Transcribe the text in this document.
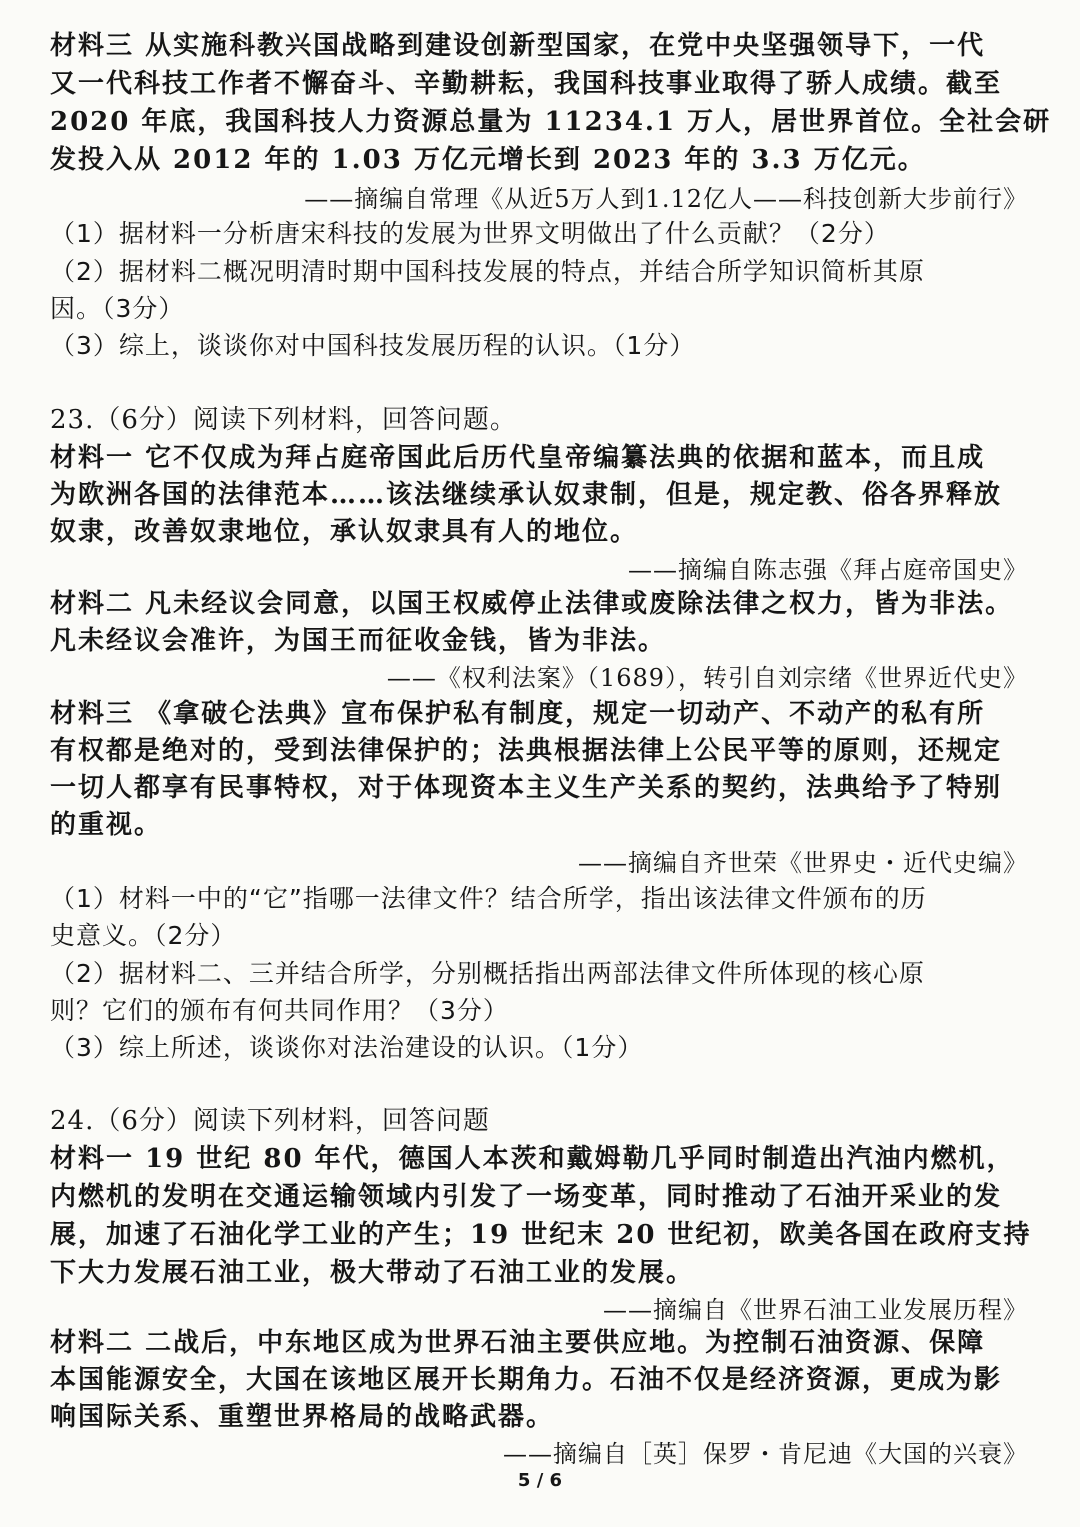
材料三 从实施科教兴国战略到建设创新型国家，在党中央坚强领导下，一代
又一代科技工作者不懈奋斗、辛勤耕耘，我国科技事业取得了骄人成绩。截至
2020 年底，我国科技人力资源总量为 11234.1 万人，居世界首位。全社会研
发投入从 2012 年的 1.03 万亿元增长到 2023 年的 3.3 万亿元。
——摘编自常理《从近5万人到1.12亿人——科技创新大步前行》
（1）据材料一分析唐宋科技的发展为世界文明做出了什么贡献？（2分）
（2）据材料二概况明清时期中国科技发展的特点，并结合所学知识简析其原
因。（3分）
（3）综上，谈谈你对中国科技发展历程的认识。（1分）
23.（6分）阅读下列材料，回答问题。
材料一 它不仅成为拜占庭帝国此后历代皇帝编纂法典的依据和蓝本，而且成
为欧洲各国的法律范本……该法继续承认奴隶制，但是，规定教、俗各界释放
奴隶，改善奴隶地位，承认奴隶具有人的地位。
——摘编自陈志强《拜占庭帝国史》
材料二 凡未经议会同意，以国王权威停止法律或废除法律之权力，皆为非法。
凡未经议会准许，为国王而征收金钱，皆为非法。
——《权利法案》（1689），转引自刘宗绪《世界近代史》
材料三 《拿破仑法典》宣布保护私有制度，规定一切动产、不动产的私有所
有权都是绝对的，受到法律保护的；法典根据法律上公民平等的原则，还规定
一切人都享有民事特权，对于体现资本主义生产关系的契约，法典给予了特别
的重视。
——摘编自齐世荣《世界史・近代史编》
（1）材料一中的“它”指哪一法律文件？结合所学，指出该法律文件颁布的历
史意义。（2分）
（2）据材料二、三并结合所学，分别概括指出两部法律文件所体现的核心原
则？它们的颁布有何共同作用？（3分）
（3）综上所述，谈谈你对法治建设的认识。（1分）
24.（6分）阅读下列材料，回答问题
材料一 19 世纪 80 年代，德国人本茨和戴姆勒几乎同时制造出汽油内燃机，
内燃机的发明在交通运输领域内引发了一场变革，同时推动了石油开采业的发
展，加速了石油化学工业的产生；19 世纪末 20 世纪初，欧美各国在政府支持
下大力发展石油工业，极大带动了石油工业的发展。
——摘编自《世界石油工业发展历程》
材料二 二战后，中东地区成为世界石油主要供应地。为控制石油资源、保障
本国能源安全，大国在该地区展开长期角力。石油不仅是经济资源，更成为影
响国际关系、重塑世界格局的战略武器。
——摘编自［英］保罗・肯尼迪《大国的兴衰》
5 / 6
